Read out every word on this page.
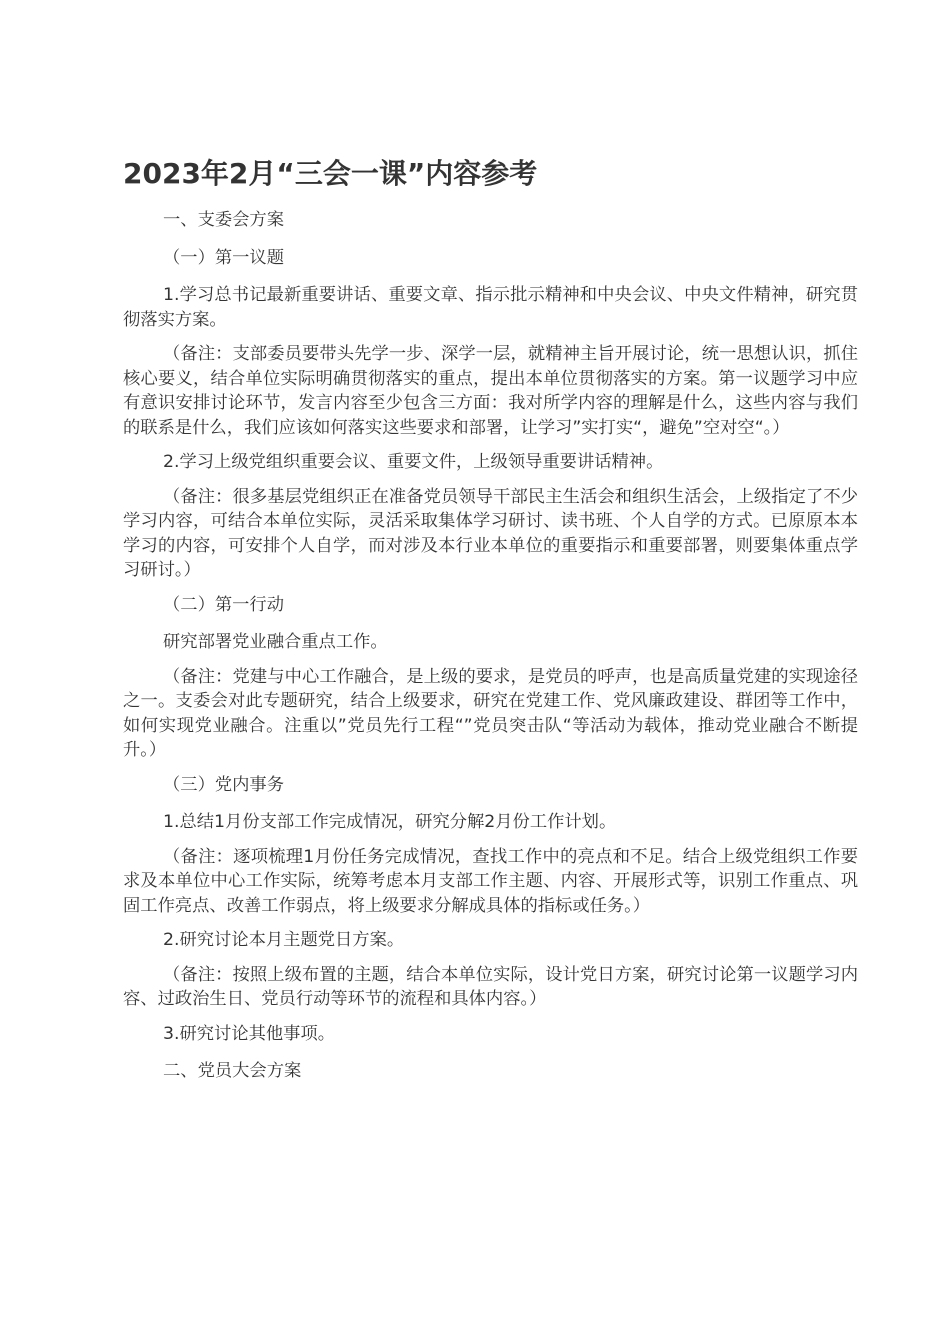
2023年2月“三会一课”内容参考

一、支委会方案

（一）第一议题

1.学习总书记最新重要讲话、重要文章、指示批示精神和中央会议、中央文件精神，研究贯彻落实方案。

（备注：支部委员要带头先学一步、深学一层，就精神主旨开展讨论，统一思想认识，抓住核心要义，结合单位实际明确贯彻落实的重点，提出本单位贯彻落实的方案。第一议题学习中应有意识安排讨论环节，发言内容至少包含三方面：我对所学内容的理解是什么，这些内容与我们的联系是什么，我们应该如何落实这些要求和部署，让学习”实打实“，避免”空对空“。）

2.学习上级党组织重要会议、重要文件，上级领导重要讲话精神。

（备注：很多基层党组织正在准备党员领导干部民主生活会和组织生活会，上级指定了不少学习内容，可结合本单位实际，灵活采取集体学习研讨、读书班、个人自学的方式。已原原本本学习的内容，可安排个人自学，而对涉及本行业本单位的重要指示和重要部署，则要集体重点学习研讨。）

（二）第一行动

研究部署党业融合重点工作。

（备注：党建与中心工作融合，是上级的要求，是党员的呼声，也是高质量党建的实现途径之一。支委会对此专题研究，结合上级要求，研究在党建工作、党风廉政建设、群团等工作中，如何实现党业融合。注重以”党员先行工程“”党员突击队“等活动为载体，推动党业融合不断提升。）

（三）党内事务

1.总结1月份支部工作完成情况，研究分解2月份工作计划。

（备注：逐项梳理1月份任务完成情况，查找工作中的亮点和不足。结合上级党组织工作要求及本单位中心工作实际，统筹考虑本月支部工作主题、内容、开展形式等，识别工作重点、巩固工作亮点、改善工作弱点，将上级要求分解成具体的指标或任务。）

2.研究讨论本月主题党日方案。

（备注：按照上级布置的主题，结合本单位实际，设计党日方案，研究讨论第一议题学习内容、过政治生日、党员行动等环节的流程和具体内容。）

3.研究讨论其他事项。

二、党员大会方案
